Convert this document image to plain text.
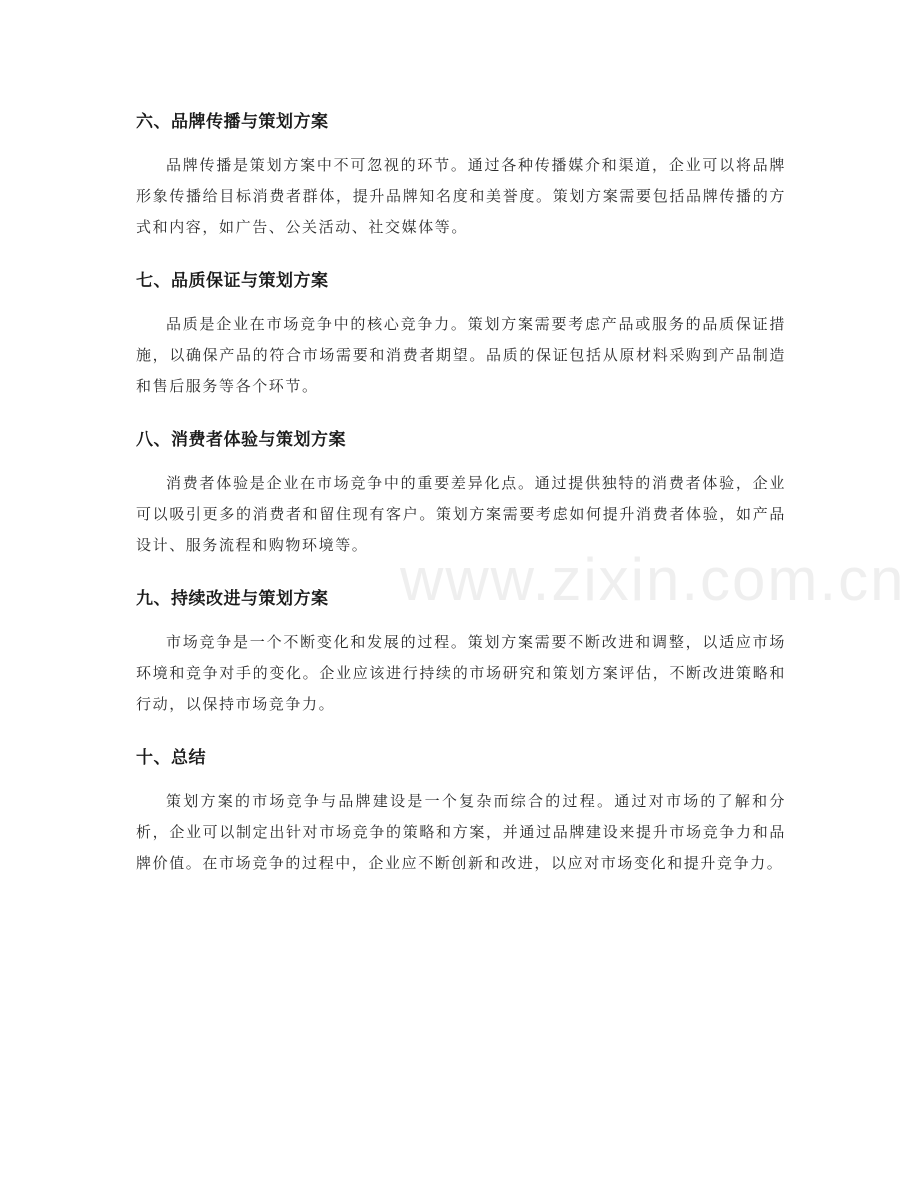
六、品牌传播与策划方案

品牌传播是策划方案中不可忽视的环节。通过各种传播媒介和渠道，企业可以将品牌形象传播给目标消费者群体，提升品牌知名度和美誉度。策划方案需要包括品牌传播的方式和内容，如广告、公关活动、社交媒体等。

七、品质保证与策划方案

品质是企业在市场竞争中的核心竞争力。策划方案需要考虑产品或服务的品质保证措施，以确保产品的符合市场需要和消费者期望。品质的保证包括从原材料采购到产品制造和售后服务等各个环节。

八、消费者体验与策划方案

消费者体验是企业在市场竞争中的重要差异化点。通过提供独特的消费者体验，企业可以吸引更多的消费者和留住现有客户。策划方案需要考虑如何提升消费者体验，如产品设计、服务流程和购物环境等。

九、持续改进与策划方案

市场竞争是一个不断变化和发展的过程。策划方案需要不断改进和调整，以适应市场环境和竞争对手的变化。企业应该进行持续的市场研究和策划方案评估，不断改进策略和行动，以保持市场竞争力。

十、总结

策划方案的市场竞争与品牌建设是一个复杂而综合的过程。通过对市场的了解和分析，企业可以制定出针对市场竞争的策略和方案，并通过品牌建设来提升市场竞争力和品牌价值。在市场竞争的过程中，企业应不断创新和改进，以应对市场变化和提升竞争力。

www.zixin.com.cn
